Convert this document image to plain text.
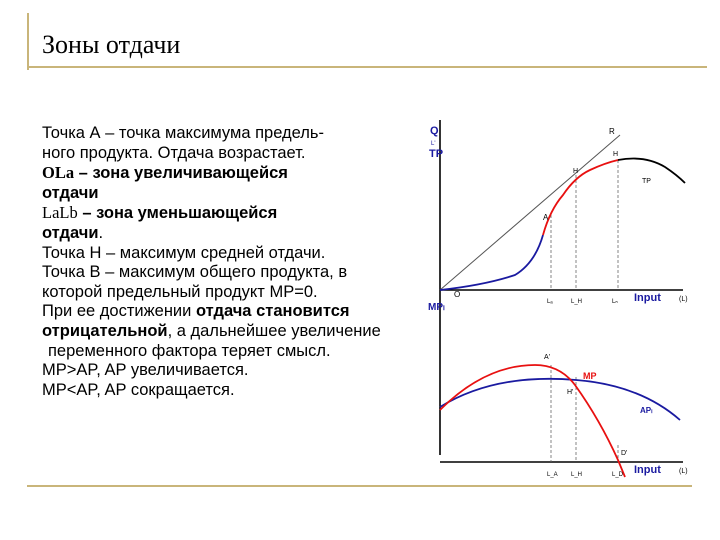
Зоны отдачи
Точка А – точка максимума предель-
ного продукта. Отдача возрастает.
OLa – зона увеличивающейся
отдачи
LaLb – зона уменьшающейся
отдачи.
Точка H – максимум средней отдачи.
Точка B – максимум общего продукта, в
которой предельный продукт MP=0.
При ее достижении отдача становится
отрицательной, а дальнейшее увеличение
переменного фактора теряет смысл.
MP>AP, AP увеличивается.
MP<AP, AP сокращается.
Q
L'
TP
O
R
A
H
H
TP
Lₐ	L_H	Lₙ Input	(L)
MPₗ
A'
MP
H'
D'
APₗ
L_A L_H	L_D Input	(L)
